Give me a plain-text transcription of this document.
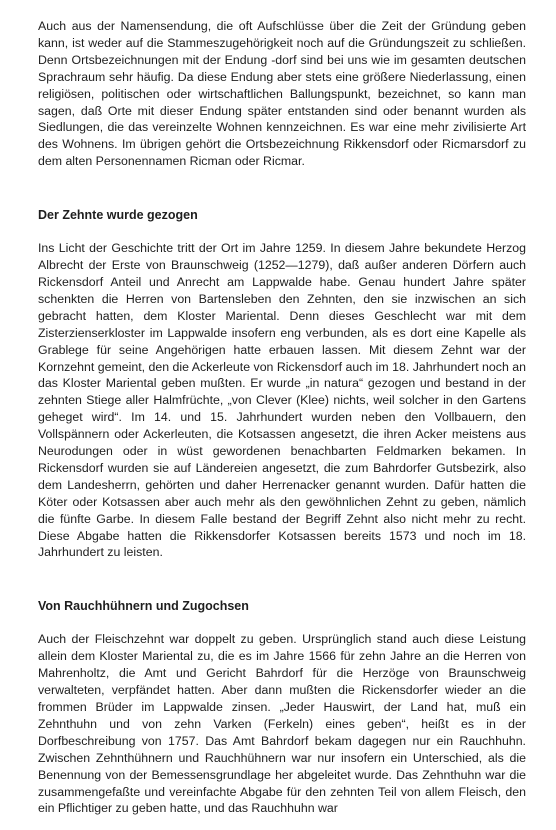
Auch aus der Namensendung, die oft Aufschlüsse über die Zeit der Gründung geben kann, ist weder auf die Stammeszugehörigkeit noch auf die Gründungszeit zu schließen. Denn Ortsbezeichnungen mit der Endung -dorf sind bei uns wie im gesamten deutschen Sprachraum sehr häufig. Da diese Endung aber stets eine größere Niederlassung, einen religiösen, politischen oder wirtschaftlichen Ballungspunkt, bezeichnet, so kann man sagen, daß Orte mit dieser Endung später entstanden sind oder benannt wurden als Siedlungen, die das vereinzelte Wohnen kennzeichnen. Es war eine mehr zivilisierte Art des Wohnens. Im übrigen gehört die Ortsbezeichnung Rikkensdorf oder Ricmarsdorf zu dem alten Personennamen Ricman oder Ricmar.

Der Zehnte wurde gezogen

Ins Licht der Geschichte tritt der Ort im Jahre 1259. In diesem Jahre bekundete Herzog Albrecht der Erste von Braunschweig (1252—1279), daß außer anderen Dörfern auch Rickensdorf Anteil und Anrecht am Lappwalde habe. Genau hundert Jahre später schenkten die Herren von Bartensleben den Zehnten, den sie inzwischen an sich gebracht hatten, dem Kloster Mariental. Denn dieses Geschlecht war mit dem Zisterzienserkloster im Lappwalde insofern eng verbunden, als es dort eine Kapelle als Grablege für seine Angehörigen hatte erbauen lassen. Mit diesem Zehnt war der Kornzehnt gemeint, den die Ackerleute von Rickensdorf auch im 18. Jahrhundert noch an das Kloster Mariental geben mußten. Er wurde „in natura“ gezogen und bestand in der zehnten Stiege aller Halmfrüchte, „von Clever (Klee) nichts, weil solcher in den Gartens geheget wird“. Im 14. und 15. Jahrhundert wurden neben den Vollbauern, den Vollspännern oder Ackerleuten, die Kotsassen angesetzt, die ihren Acker meistens aus Neurodungen oder in wüst gewordenen benachbarten Feldmarken bekamen. In Rickensdorf wurden sie auf Ländereien angesetzt, die zum Bahrdorfer Gutsbezirk, also dem Landesherrn, gehörten und daher Herrenacker genannt wurden. Dafür hatten die Köter oder Kotsassen aber auch mehr als den gewöhnlichen Zehnt zu geben, nämlich die fünfte Garbe. In diesem Falle bestand der Begriff Zehnt also nicht mehr zu recht. Diese Abgabe hatten die Rikkensdorfer Kotsassen bereits 1573 und noch im 18. Jahrhundert zu leisten.

Von Rauchhühnern und Zugochsen

Auch der Fleischzehnt war doppelt zu geben. Ursprünglich stand auch diese Leistung allein dem Kloster Mariental zu, die es im Jahre 1566 für zehn Jahre an die Herren von Mahrenholtz, die Amt und Gericht Bahrdorf für die Herzöge von Braunschweig verwalteten, verpfändet hatten. Aber dann mußten die Rickensdorfer wieder an die frommen Brüder im Lappwalde zinsen. „Jeder Hauswirt, der Land hat, muß ein Zehnthuhn und von zehn Varken (Ferkeln) eines geben“, heißt es in der Dorfbeschreibung von 1757. Das Amt Bahrdorf bekam dagegen nur ein Rauchhuhn. Zwischen Zehnthühnern und Rauchhühnern war nur insofern ein Unterschied, als die Benennung von der Bemessensgrundlage her abgeleitet wurde. Das Zehnthuhn war die zusammengefaßte und vereinfachte Abgabe für den zehnten Teil von allem Fleisch, den ein Pflichtiger zu geben hatte, und das Rauchhuhn war
